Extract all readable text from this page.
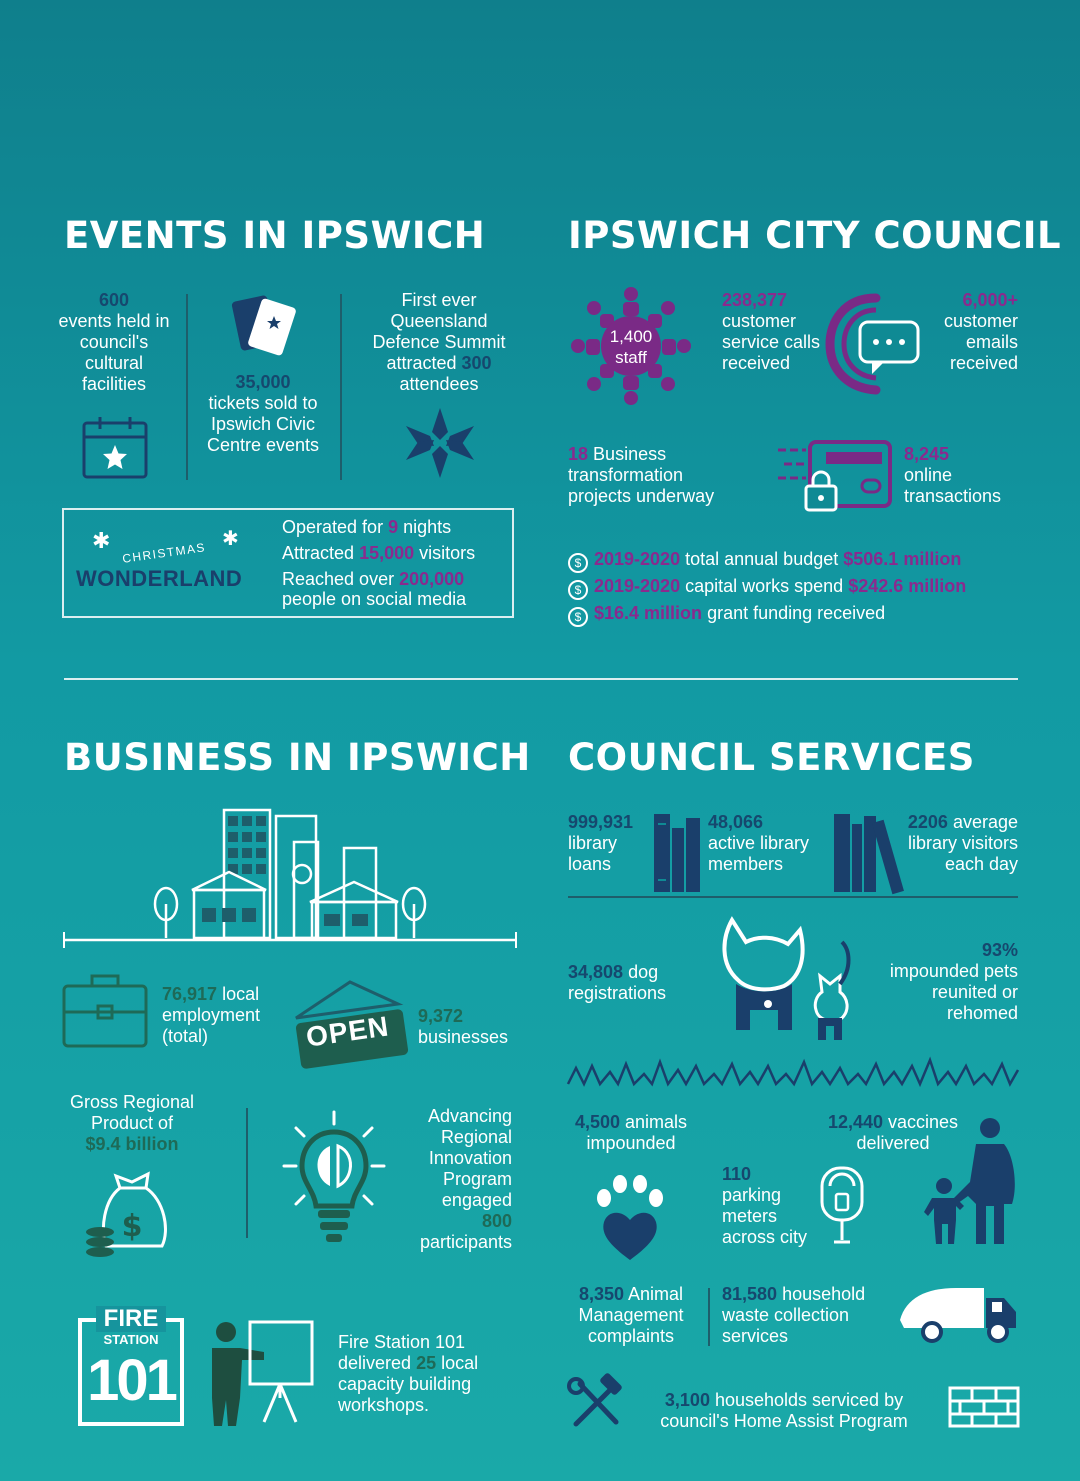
EVENTS IN IPSWICH
600
events held in council's cultural facilities	35,000
tickets sold to Ipswich Civic Centre events
First ever Queensland Defence Summit attracted 300 attendees
✱	✱
CHRISTMAS
WONDERLAND
Operated for 9 nights
Attracted 15,000 visitors
Reached over 200,000
people on social media
IPSWICH CITY COUNCIL
1,400
staff
238,377
customer service calls received
6,000+
customer emails received
18 Business
transformation projects underway
8,245
online transactions
$ 2019-2020 total annual budget $506.1 million
$ 2019-2020 capital works spend $242.6 million
$ $16.4 million grant funding received
BUSINESS IN IPSWICH
76,917 local
employment (total)	OPEN 9,372
businesses
Gross Regional Product of
$9.4 billion
$
Advancing Regional Innovation Program engaged
800
participants
FIRE
STATION
101
Fire Station 101
delivered 25 local
capacity building workshops.
COUNCIL SERVICES
999,931
library loans
48,066
active library members
2206 average
library visitors each day
34,808 dog
registrations
93%
impounded pets reunited or rehomed
4,500 animals
impounded
110
parking meters across city
12,440 vaccines
delivered
8,350 Animal
Management complaints
81,580 household
waste collection services
3,100 households serviced by
council's Home Assist Program
